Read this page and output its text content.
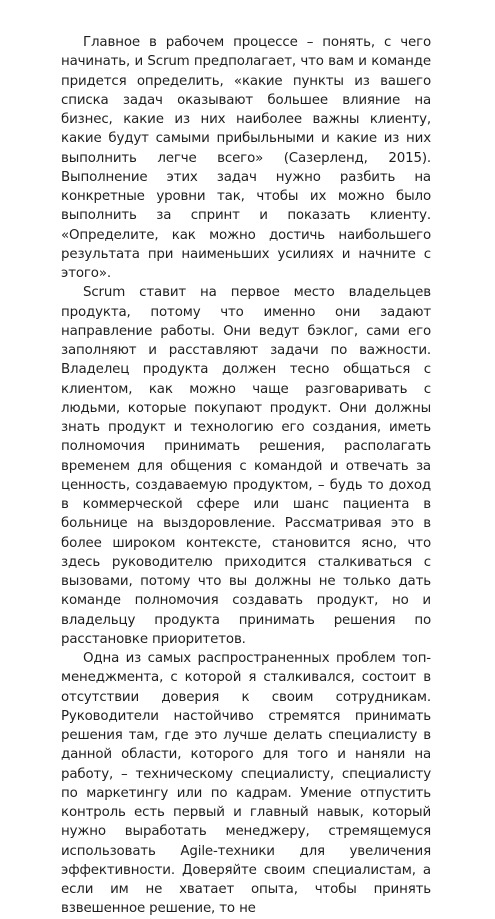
Главное в рабочем процессе – понять, с чего начинать, и Scrum предполагает, что вам и команде придется определить, «какие пункты из вашего списка задач оказывают большее влияние на бизнес, какие из них наиболее важны клиенту, какие будут самыми прибыльными и какие из них выполнить легче всего» (Сазерленд, 2015). Выполнение этих задач нужно разбить на конкретные уровни так, чтобы их можно было выполнить за спринт и показать клиенту. «Определите, как можно достичь наибольшего результата при наименьших усилиях и начните с этого».

Scrum ставит на первое место владельцев продукта, потому что именно они задают направление работы. Они ведут бэклог, сами его заполняют и расставляют задачи по важности. Владелец продукта должен тесно общаться с клиентом, как можно чаще разговаривать с людьми, которые покупают продукт. Они должны знать продукт и технологию его создания, иметь полномочия принимать решения, располагать временем для общения с командой и отвечать за ценность, создаваемую продуктом, – будь то доход в коммерческой сфере или шанс пациента в больнице на выздоровление. Рассматривая это в более широком контексте, становится ясно, что здесь руководителю приходится сталкиваться с вызовами, потому что вы должны не только дать команде полномочия создавать продукт, но и владельцу продукта принимать решения по расстановке приоритетов.

Одна из самых распространенных проблем топ-менеджмента, с которой я сталкивался, состоит в отсутствии доверия к своим сотрудникам. Руководители настойчиво стремятся принимать решения там, где это лучше делать специалисту в данной области, которого для того и наняли на работу, – техническому специалисту, специалисту по маркетингу или по кадрам. Умение отпустить контроль есть первый и главный навык, который нужно выработать менеджеру, стремящемуся использовать Agile-техники для увеличения эффективности. Доверяйте своим специалистам, а если им не хватает опыта, чтобы принять взвешенное решение, то не
